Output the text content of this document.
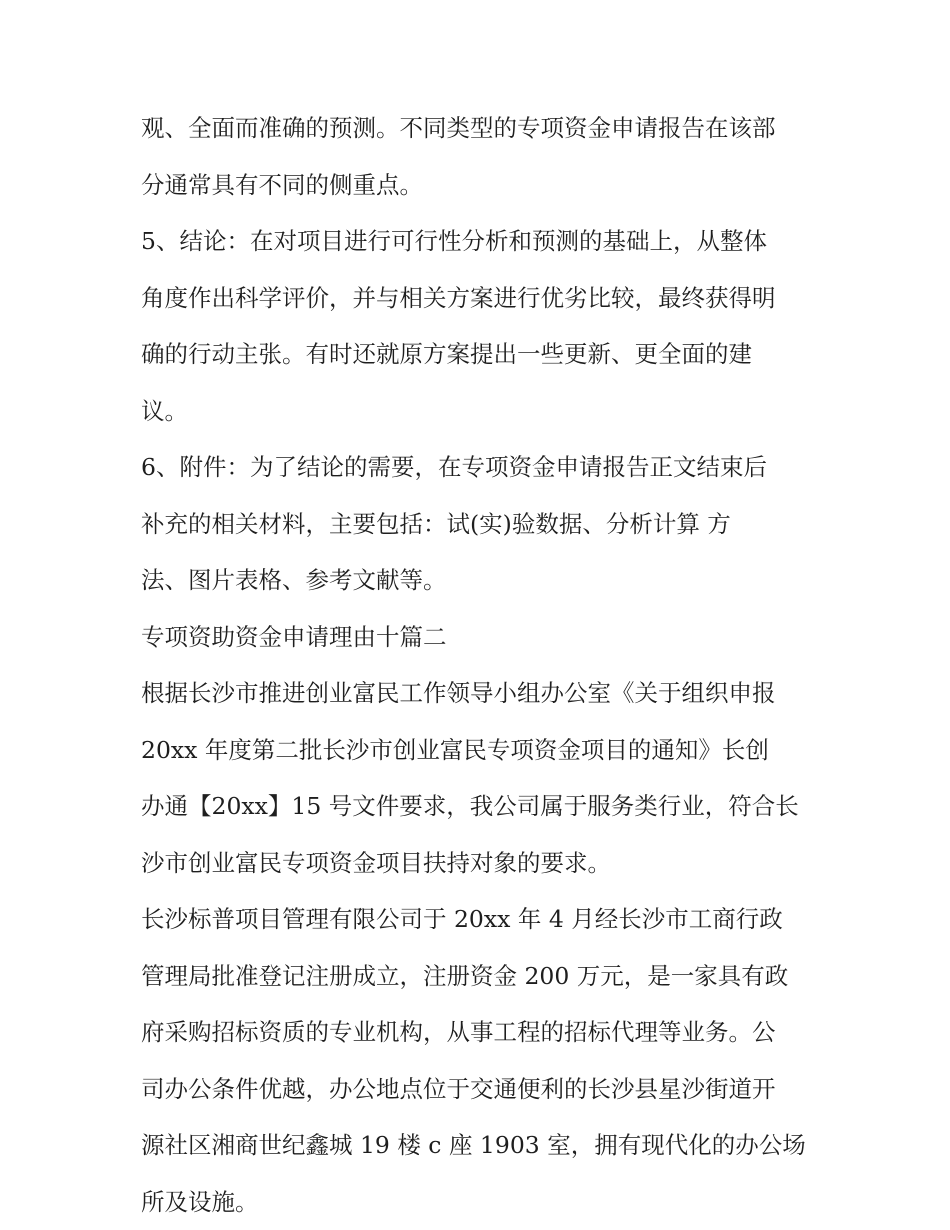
观、全面而准确的预测。不同类型的专项资金申请报告在该部
分通常具有不同的侧重点。
5、结论：在对项目进行可行性分析和预测的基础上，从整体
角度作出科学评价，并与相关方案进行优劣比较，最终获得明
确的行动主张。有时还就原方案提出一些更新、更全面的建
议。
6、附件：为了结论的需要，在专项资金申请报告正文结束后
补充的相关材料，主要包括：试(实)验数据、分析计算 方
法、图片表格、参考文献等。
专项资助资金申请理由十篇二
根据长沙市推进创业富民工作领导小组办公室《关于组织申报
20xx 年度第二批长沙市创业富民专项资金项目的通知》长创
办通【20xx】15 号文件要求，我公司属于服务类行业，符合长
沙市创业富民专项资金项目扶持对象的要求。
长沙标普项目管理有限公司于 20xx 年 4 月经长沙市工商行政
管理局批准登记注册成立，注册资金 200 万元，是一家具有政
府采购招标资质的专业机构，从事工程的招标代理等业务。公
司办公条件优越，办公地点位于交通便利的长沙县星沙街道开
源社区湘商世纪鑫城 19 楼 c 座 1903 室，拥有现代化的办公场
所及设施。
